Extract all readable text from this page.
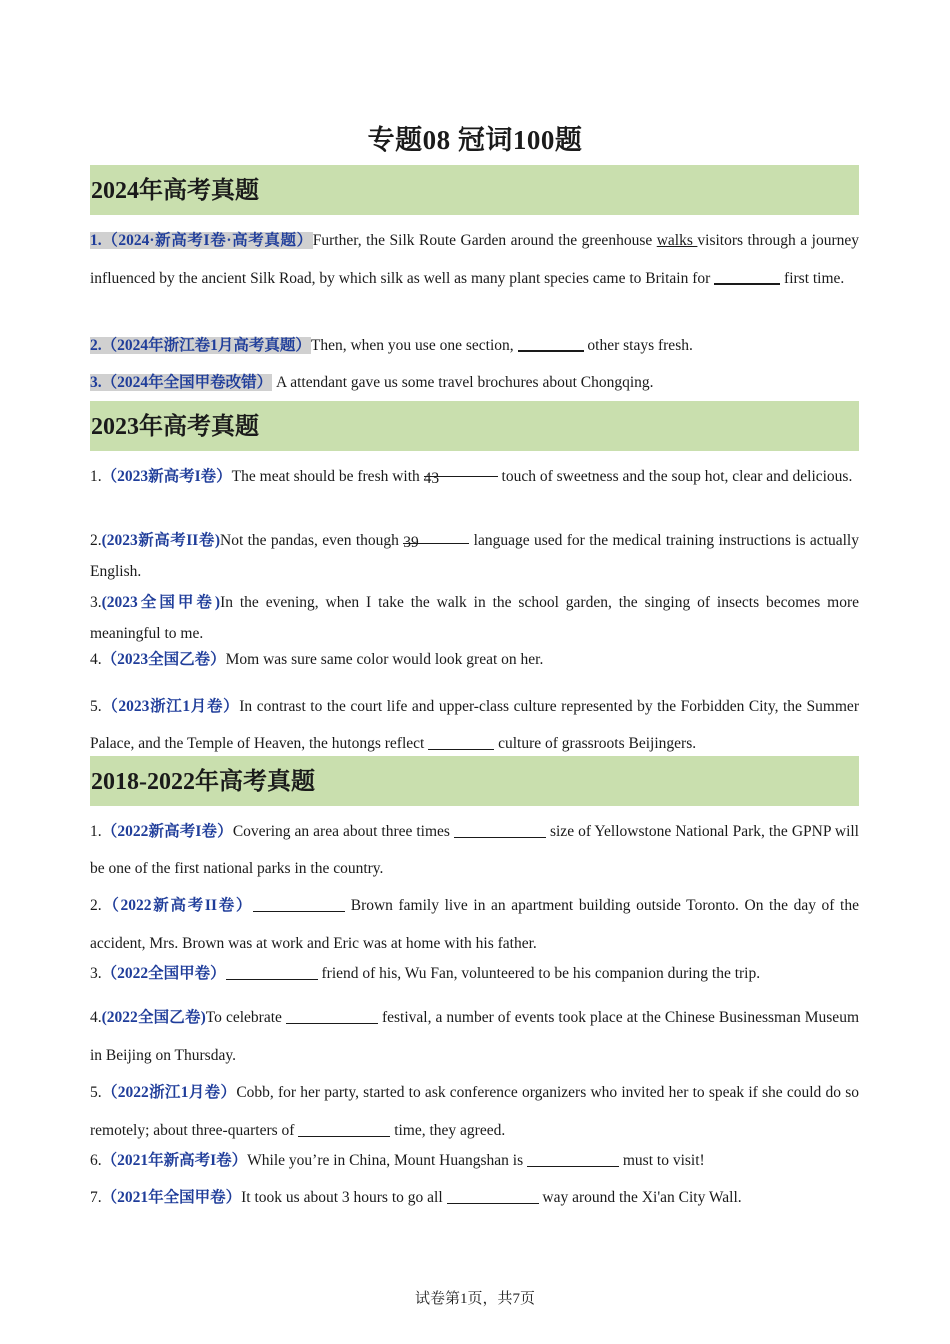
专题08 冠词100题
2024年高考真题
1.（2024·新高考I卷·高考真题）Further, the Silk Route Garden around the greenhouse walks visitors through a journey influenced by the ancient Silk Road, by which silk as well as many plant species came to Britain for	first time.
2.（2024年浙江卷1月高考真题）Then, when you use one section,	other stays fresh.
3.（2024年全国甲卷改错） A attendant gave us some travel brochures about Chongqing.
2023年高考真题
1.（2023新高考I卷）The meat should be fresh with 43	touch of sweetness and the soup hot, clear and delicious.
2.(2023新高考II卷)Not the pandas, even though 39	language used for the medical training instructions is actually English.
3.(2023全国甲卷)In the evening, when I take the walk in the school garden, the singing of insects becomes more meaningful to me.
4.（2023全国乙卷）Mom was sure same color would look great on her.
5.（2023浙江1月卷）In contrast to the court life and upper-class culture represented by the Forbidden City, the Summer Palace, and the Temple of Heaven, the hutongs reflect	culture of grassroots Beijingers.
2018-2022年高考真题
1.（2022新高考I卷）Covering an area about three times	size of Yellowstone National Park, the GPNP will be one of the first national parks in the country.
2.（2022新高考II卷）	Brown family live in an apartment building outside Toronto. On the day of the accident, Mrs. Brown was at work and Eric was at home with his father.
3.（2022全国甲卷）	friend of his, Wu Fan, volunteered to be his companion during the trip.
4.(2022全国乙卷)To celebrate	festival, a number of events took place at the Chinese Businessman Museum in Beijing on Thursday.
5.（2022浙江1月卷）Cobb, for her party, started to ask conference organizers who invited her to speak if she could do so remotely; about three-quarters of	time, they agreed.
6.（2021年新高考I卷）While you’re in China, Mount Huangshan is	must to visit!
7.（2021年全国甲卷）It took us about 3 hours to go all	way around the Xi'an City Wall.
试卷第1页，共7页
